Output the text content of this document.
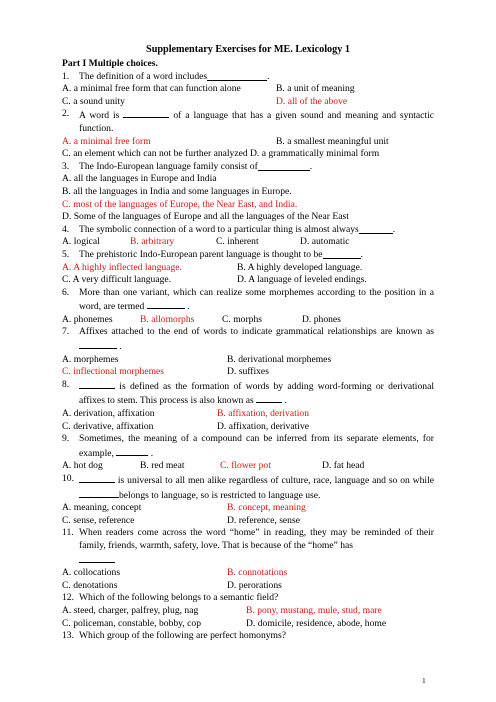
Supplementary Exercises for ME. Lexicology 1
Part I Multiple choices.
1.	The definition of a word includes	.
A. a minimal free form that can function alone	B. a unit of meaning
C. a sound unity	D. all of the above
2.	A word is	of a language that has a given sound and meaning and syntactic function.
A. a minimal free form	B. a smallest meaningful unit
C. an element which can not be further analyzed D. a grammatically minimal form
3.	The Indo-European language family consist of	.
A. all the languages in Europe and India
B. all the languages in India and some languages in Europe.
C. most of the languages of Europe, the Near East, and India.
D. Some of the languages of Europe and all the languages of the Near East
4.	The symbolic connection of a word to a particular thing is almost always	.
A. logical	B. arbitrary	C. inherent	D. automatic
5.	The prehistoric Indo-European parent language is thought to be	.
A. A highly inflected language.	B. A highly developed language.
C. A very difficult language.	D. A language of leveled endings.
6.	More than one variant, which can realize some morphemes according to the position in a word, are termed	.
A. phonemes	B. allomorphs	C. morphs	D. phones
7.	Affixes attached to the end of words to indicate grammatical relationships are known as  .
A. morphemes	B. derivational morphemes
C. inflectional morphemes	D. suffixes
8.	is defined as the formation of words by adding word-forming or derivational affixes to stem. This process is also known as	.
A. derivation, affixation	B. affixation, derivation
C. derivative, affixation	D. affixation, derivative
9.	Sometimes, the meaning of a compound can be inferred from its separate elements, for example,	.
A. hot dog	B. red meat	C. flower pot	D. fat head
10.	is universal to all men alike regardless of culture, race, language and so on while belongs to language, so is restricted to language use.
A. meaning, concept	B. concept, meaning
C. sense, reference	D. reference, sense
11. When readers come across the word “home” in reading, they may be reminded of their family, friends, warmth, safety, love. That is because of the “home” has

A. collocations	B. connotations
C. denotations	D. perorations
12. Which of the following belongs to a semantic field?
A. steed, charger, palfrey, plug, nag	B. pony, mustang, mule, stud, mare
C. policeman, constable, bobby, cop	D. domicile, residence, abode, home
13. Which group of the following are perfect homonyms?
1
